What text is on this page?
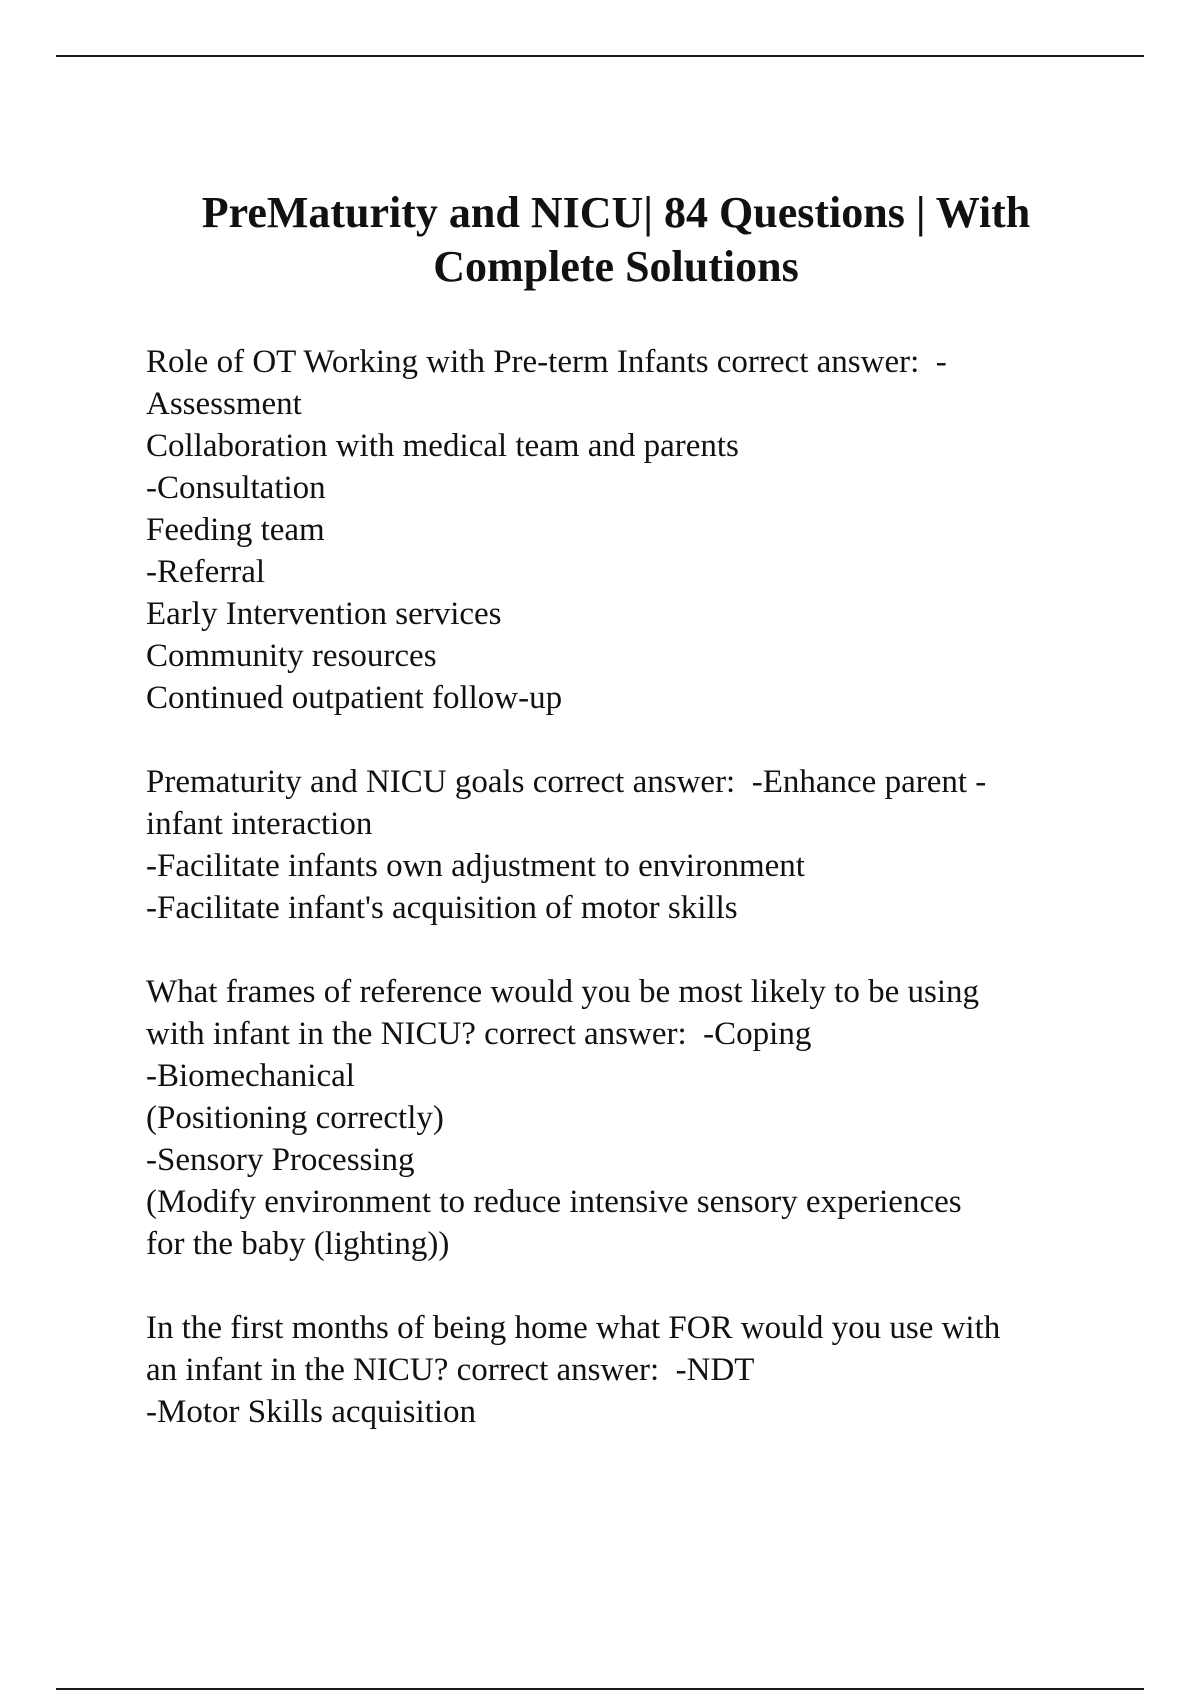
PreMaturity and NICU| 84 Questions | With
Complete Solutions

Role of OT Working with Pre-term Infants correct answer:  -
Assessment
Collaboration with medical team and parents
-Consultation
Feeding team
-Referral
Early Intervention services
Community resources
Continued outpatient follow-up

Prematurity and NICU goals correct answer:  -Enhance parent -
infant interaction
-Facilitate infants own adjustment to environment
-Facilitate infant's acquisition of motor skills

What frames of reference would you be most likely to be using
with infant in the NICU? correct answer:  -Coping
-Biomechanical
(Positioning correctly)
-Sensory Processing
(Modify environment to reduce intensive sensory experiences
for the baby (lighting))

In the first months of being home what FOR would you use with
an infant in the NICU? correct answer:  -NDT
-Motor Skills acquisition
